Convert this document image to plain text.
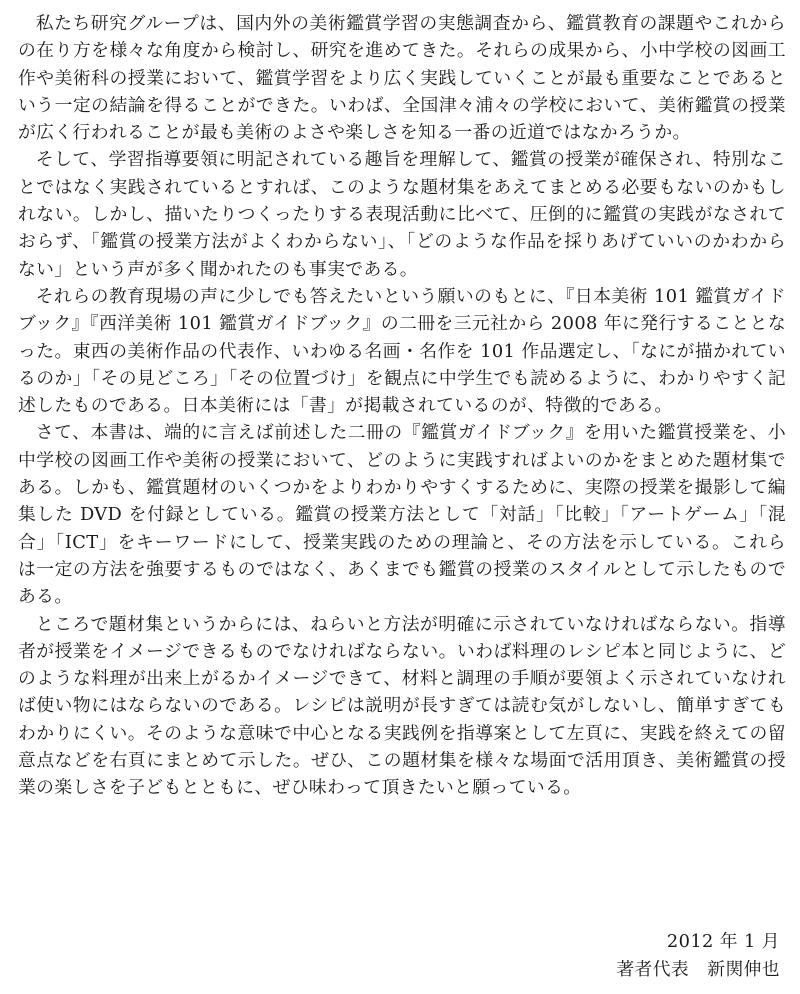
私たち研究グループは、国内外の美術鑑賞学習の実態調査から、鑑賞教育の課題やこれからの在り方を様々な角度から検討し、研究を進めてきた。それらの成果から、小中学校の図画工作や美術科の授業において、鑑賞学習をより広く実践していくことが最も重要なことであるという一定の結論を得ることができた。いわば、全国津々浦々の学校において、美術鑑賞の授業が広く行われることが最も美術のよさや楽しさを知る一番の近道ではなかろうか。

そして、学習指導要領に明記されている趣旨を理解して、鑑賞の授業が確保され、特別なことではなく実践されているとすれば、このような題材集をあえてまとめる必要もないのかもしれない。しかし、描いたりつくったりする表現活動に比べて、圧倒的に鑑賞の実践がなされておらず、「鑑賞の授業方法がよくわからない」、「どのような作品を採りあげていいのかわからない」という声が多く聞かれたのも事実である。

それらの教育現場の声に少しでも答えたいという願いのもとに、『日本美術 101 鑑賞ガイドブック』『西洋美術 101 鑑賞ガイドブック』の二冊を三元社から 2008 年に発行することとなった。東西の美術作品の代表作、いわゆる名画・名作を 101 作品選定し、「なにが描かれているのか」「その見どころ」「その位置づけ」を観点に中学生でも読めるように、わかりやすく記述したものである。日本美術には「書」が掲載されているのが、特徴的である。

さて、本書は、端的に言えば前述した二冊の『鑑賞ガイドブック』を用いた鑑賞授業を、小中学校の図画工作や美術の授業において、どのように実践すればよいのかをまとめた題材集である。しかも、鑑賞題材のいくつかをよりわかりやすくするために、実際の授業を撮影して編集した DVD を付録としている。鑑賞の授業方法として「対話」「比較」「アートゲーム」「混合」「ICT」をキーワードにして、授業実践のための理論と、その方法を示している。これらは一定の方法を強要するものではなく、あくまでも鑑賞の授業のスタイルとして示したものである。

ところで題材集というからには、ねらいと方法が明確に示されていなければならない。指導者が授業をイメージできるものでなければならない。いわば料理のレシピ本と同じように、どのような料理が出来上がるかイメージできて、材料と調理の手順が要領よく示されていなければ使い物にはならないのである。レシピは説明が長すぎては読む気がしないし、簡単すぎてもわかりにくい。そのような意味で中心となる実践例を指導案として左頁に、実践を終えての留意点などを右頁にまとめて示した。ぜひ、この題材集を様々な場面で活用頂き、美術鑑賞の授業の楽しさを子どもとともに、ぜひ味わって頂きたいと願っている。

2012 年 1 月
著者代表　新関伸也
